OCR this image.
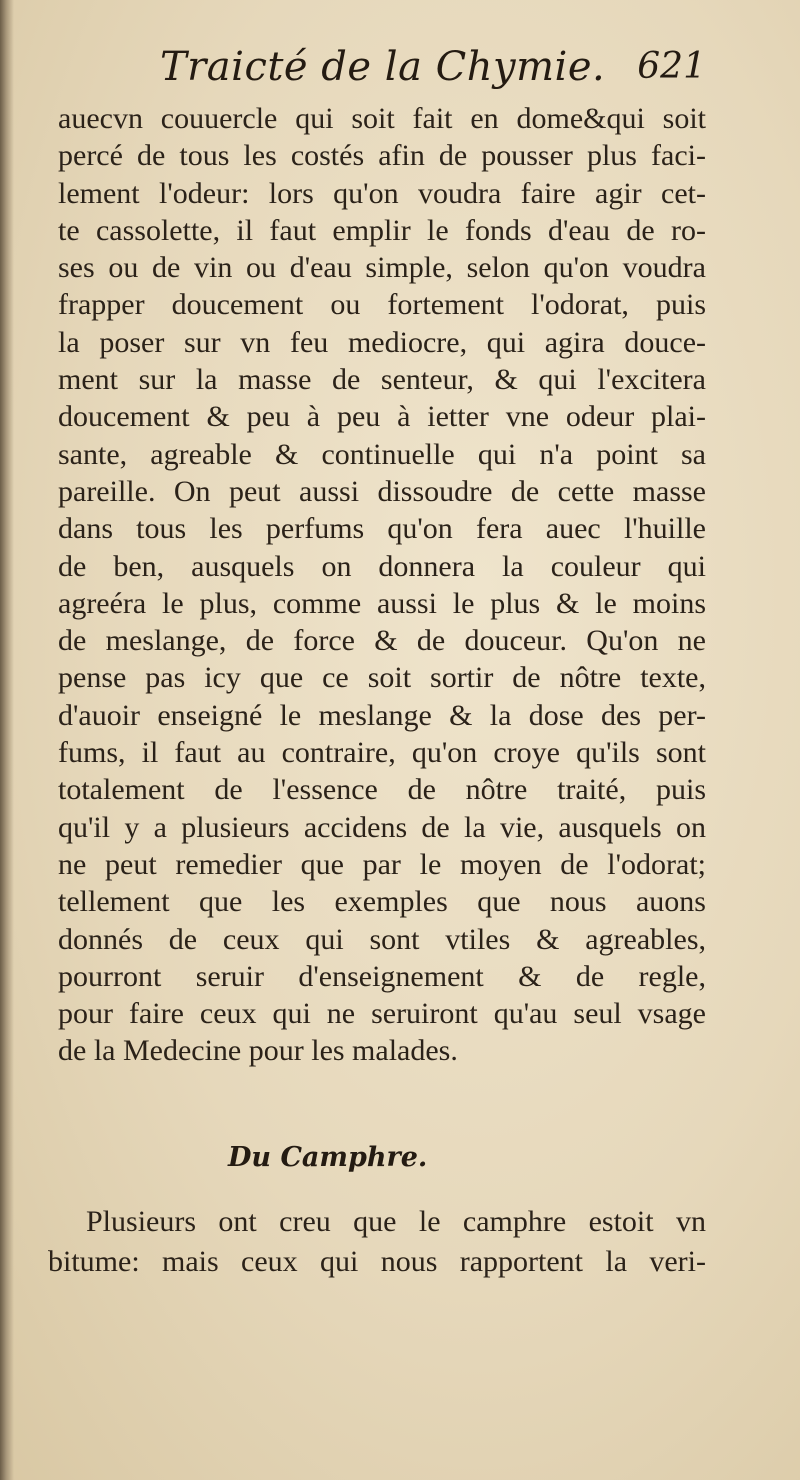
Traicté de la Chymie. 621
auecvn couuercle qui soit fait en dome&qui soit
percé de tous les costés afin de pousser plus faci-
lement l'odeur: lors qu'on voudra faire agir cet-
te cassolette, il faut emplir le fonds d'eau de ro-
ses ou de vin ou d'eau simple, selon qu'on voudra
frapper doucement ou fortement l'odorat, puis
la poser sur vn feu mediocre, qui agira douce-
ment sur la masse de senteur, & qui l'excitera
doucement & peu à peu à ietter vne odeur plai-
sante, agreable & continuelle qui n'a point sa
pareille. On peut aussi dissoudre de cette masse
dans tous les perfums qu'on fera auec l'huille
de ben, ausquels on donnera la couleur qui
agreéra le plus, comme aussi le plus & le moins
de meslange, de force & de douceur. Qu'on ne
pense pas icy que ce soit sortir de nôtre texte,
d'auoir enseigné le meslange & la dose des per-
fums, il faut au contraire, qu'on croye qu'ils sont
totalement de l'essence de nôtre traité, puis
qu'il y a plusieurs accidens de la vie, ausquels on
ne peut remedier que par le moyen de l'odorat;
tellement que les exemples que nous auons
donnés de ceux qui sont vtiles & agreables,
pourront seruir d'enseignement & de regle,
pour faire ceux qui ne seruiront qu'au seul vsage
de la Medecine pour les malades.
Du Camphre.
Plusieurs ont creu que le camphre estoit vn
bitume: mais ceux qui nous rapportent la veri-
